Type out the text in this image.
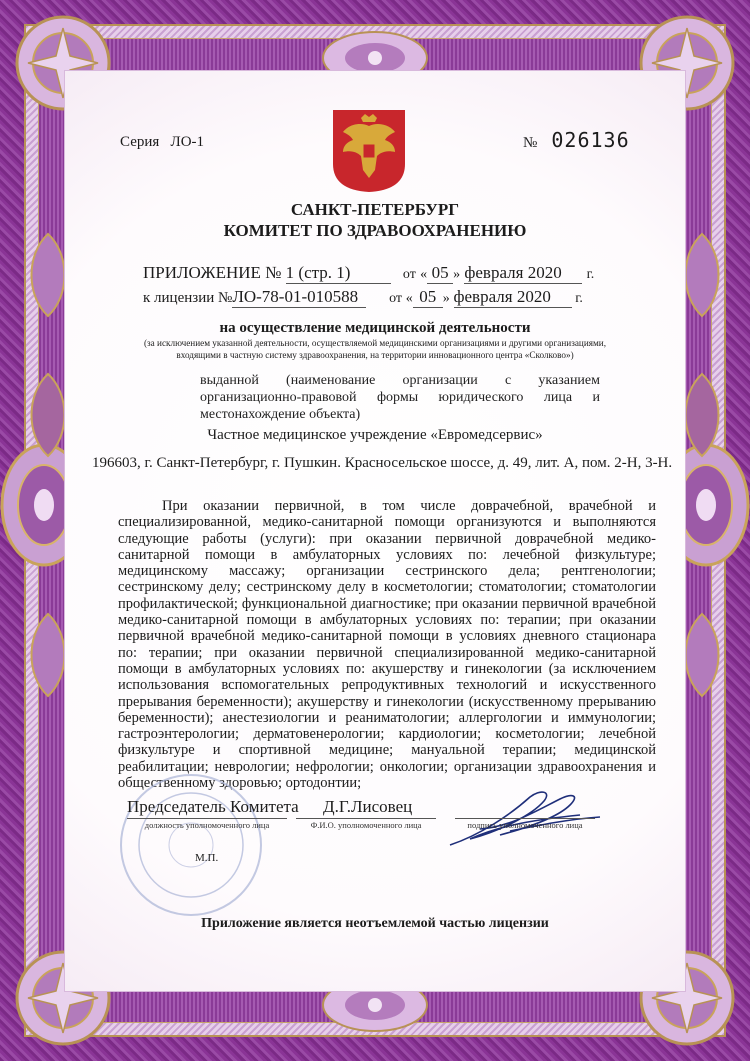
Серия ЛО-1	№ 026136
САНКТ-ПЕТЕРБУРГ
КОМИТЕТ ПО ЗДРАВООХРАНЕНИЮ
ПРИЛОЖЕНИЕ № 1 (стр. 1)	от « 05 » февраля 2020 г.
к лицензии №ЛО-78-01-010588 от « 05 » февраля 2020 г.
на осуществление медицинской деятельности
(за исключением указанной деятельности, осуществляемой медицинскими организациями и другими организациями, входящими в частную систему здравоохранения, на территории инновационного центра «Сколково»)
выданной (наименование организации с указанием организационно-правовой формы юридического лица и местонахождение объекта)
Частное медицинское учреждение «Евромедсервис»
196603, г. Санкт-Петербург, г. Пушкин. Красносельское шоссе, д. 49, лит. А, пом. 2-Н, 3-Н.

При оказании первичной, в том числе доврачебной, врачебной и специализированной, медико-санитарной помощи организуются и выполняются следующие работы (услуги): при оказании первичной доврачебной медико-санитарной помощи в амбулаторных условиях по: лечебной физкультуре; медицинскому массажу; организации сестринского дела; рентгенологии; сестринскому делу; сестринскому делу в косметологии; стоматологии; стоматологии профилактической; функциональной диагностике; при оказании первичной врачебной медико-санитарной помощи в амбулаторных условиях по: терапии; при оказании первичной врачебной медико-санитарной помощи в условиях дневного стационара по: терапии; при оказании первичной специализированной медико-санитарной помощи в амбулаторных условиях по: акушерству и гинекологии (за исключением использования вспомогательных репродуктивных технологий и искусственного прерывания беременности); акушерству и гинекологии (искусственному прерыванию беременности); анестезиологии и реаниматологии; аллергологии и иммунологии; гастроэнтерологии; дерматовенерологии; кардиологии; косметологии; лечебной физкультуре и спортивной медицине; мануальной терапии; медицинской реабилитации; неврологии; нефрологии; онкологии; организации здравоохранения и общественному здоровью; ортодонтии;

Председатель Комитета Д.Г.Лисовец
должность уполномоченного лица	Ф.И.О. уполномоченного лица	подпись уполномоченного лица
М.П.
Приложение является неотъемлемой частью лицензии
